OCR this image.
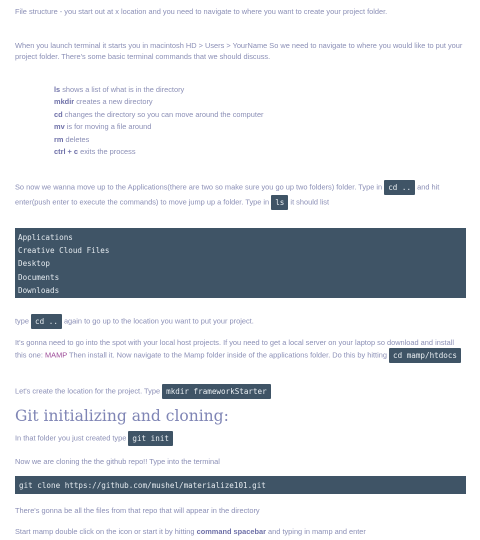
File structure - you start out at x location and you need to navigate to where you want to create your project folder.

When you launch terminal it starts you in macintosh HD > Users > YourName So we need to navigate to where you would like to put your project folder. There's some basic terminal commands that we should discuss.

ls shows a list of what is in the directory
mkdir creates a new directory
cd changes the directory so you can move around the computer
mv is for moving a file around
rm deletes
ctrl + c exits the process

So now we wanna move up to the Applications(there are two so make sure you go up two folders) folder. Type in cd .. and hit enter(push enter to execute the commands) to move jump up a folder. Type in ls it should list

Applications
Creative Cloud Files
Desktop
Documents
Downloads

type cd .. again to go up to the location you want to put your project.

It's gonna need to go into the spot with your local host projects. If you need to get a local server on your laptop so download and install this one: MAMP Then install it. Now navigate to the Mamp folder inside of the applications folder. Do this by hitting cd mamp/htdocs

Let's create the location for the project. Type mkdir frameworkStarter

Git initializing and cloning:

In that folder you just created type git init

Now we are cloning the the github repo!! Type into the terminal

git clone https://github.com/mushel/materialize101.git

There's gonna be all the files from that repo that will appear in the directory

Start mamp double click on the icon or start it by hitting command spacebar and typing in mamp and enter
